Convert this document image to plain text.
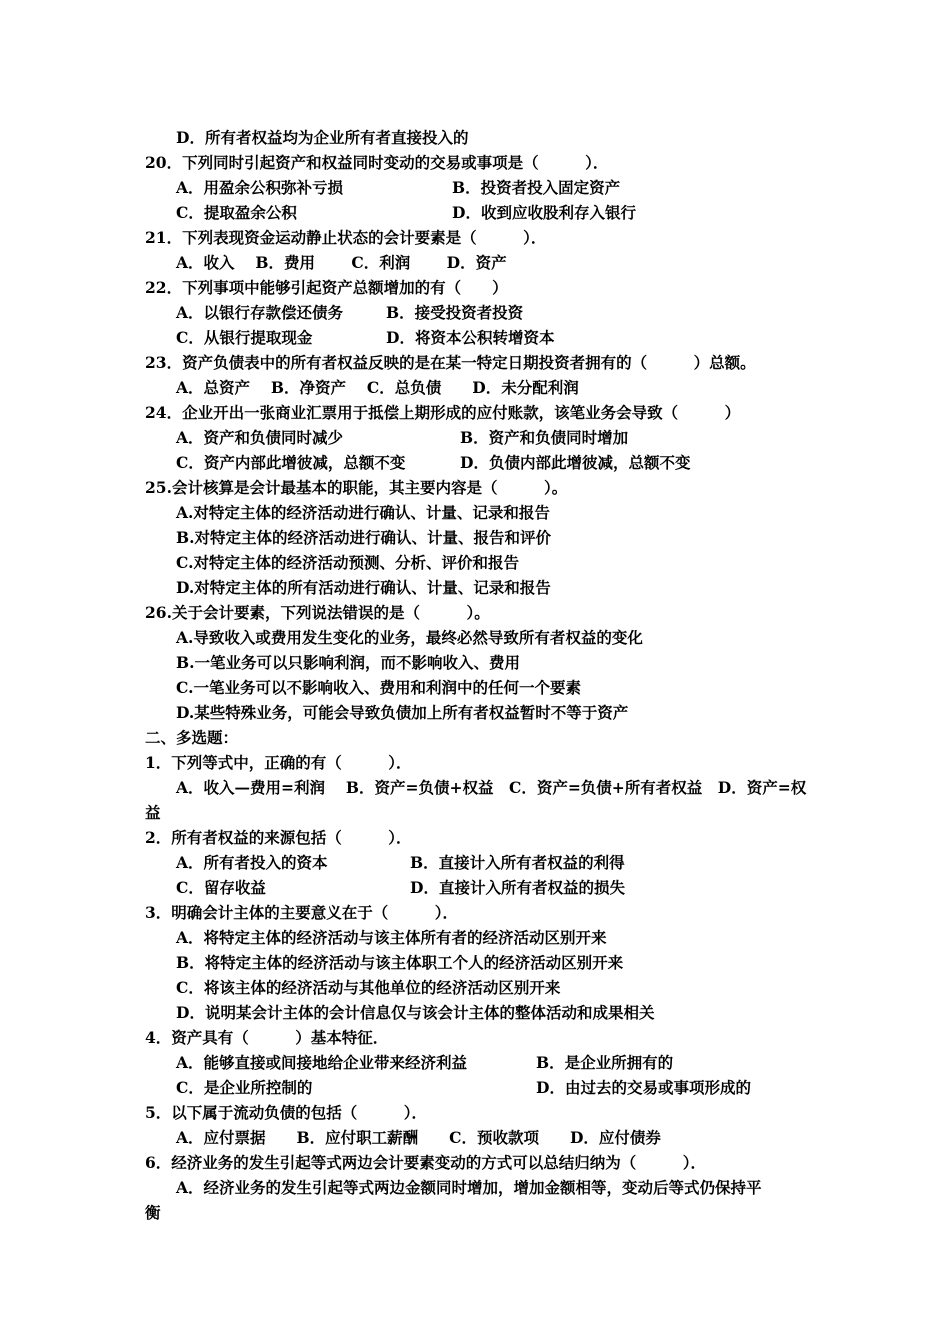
D．所有者权益均为企业所有者直接投入的
20．下列同时引起资产和权益同时变动的交易或事项是（　　　）．
A．用盈余公积弥补亏损	B．投资者投入固定资产
C．提取盈余公积	D．收到应收股利存入银行
21．下列表现资金运动静止状态的会计要素是（　　　）．
A．收入　 B．费用　　 C．利润　　 D．资产
22．下列事项中能够引起资产总额增加的有（　　）
A．以银行存款偿还债务	B．接受投资者投资
C．从银行提取现金	D．将资本公积转增资本
23．资产负债表中的所有者权益反映的是在某一特定日期投资者拥有的（　　　）总额。
A．总资产　 B．净资产　 C．总负债　　D．未分配利润
24．企业开出一张商业汇票用于抵偿上期形成的应付账款，该笔业务会导致（　　　）
A．资产和负债同时减少	B．资产和负债同时增加
C．资产内部此增彼减，总额不变	D．负债内部此增彼减，总额不变
25.会计核算是会计最基本的职能，其主要内容是（　　　）。
A.对特定主体的经济活动进行确认、计量、记录和报告
B.对特定主体的经济活动进行确认、计量、报告和评价
C.对特定主体的经济活动预测、分析、评价和报告
D.对特定主体的所有活动进行确认、计量、记录和报告
26.关于会计要素，下列说法错误的是（　　　）。
A.导致收入或费用发生变化的业务，最终必然导致所有者权益的变化
B.一笔业务可以只影响利润，而不影响收入、费用
C.一笔业务可以不影响收入、费用和利润中的任何一个要素
D.某些特殊业务，可能会导致负债加上所有者权益暂时不等于资产
二、多选题：
1．下列等式中，正确的有（　　　）．
A．收入—费用=利润　 B．资产=负债+权益　C．资产=负债+所有者权益　D．资产=权
益
2．所有者权益的来源包括（　　　）．
A．所有者投入的资本	B．直接计入所有者权益的利得
C．留存收益	D．直接计入所有者权益的损失
3．明确会计主体的主要意义在于（　　　）．
A．将特定主体的经济活动与该主体所有者的经济活动区别开来
B．将特定主体的经济活动与该主体职工个人的经济活动区别开来
C．将该主体的经济活动与其他单位的经济活动区别开来
D．说明某会计主体的会计信息仅与该会计主体的整体活动和成果相关
4．资产具有（　　　）基本特征．
A．能够直接或间接地给企业带来经济利益	B．是企业所拥有的
C．是企业所控制的	D．由过去的交易或事项形成的
5．以下属于流动负债的包括（　　　）．
A．应付票据　　B．应付职工薪酬　　C．预收款项　　D．应付债券
6．经济业务的发生引起等式两边会计要素变动的方式可以总结归纳为（　　　）．
A．经济业务的发生引起等式两边金额同时增加，增加金额相等，变动后等式仍保持平
衡
